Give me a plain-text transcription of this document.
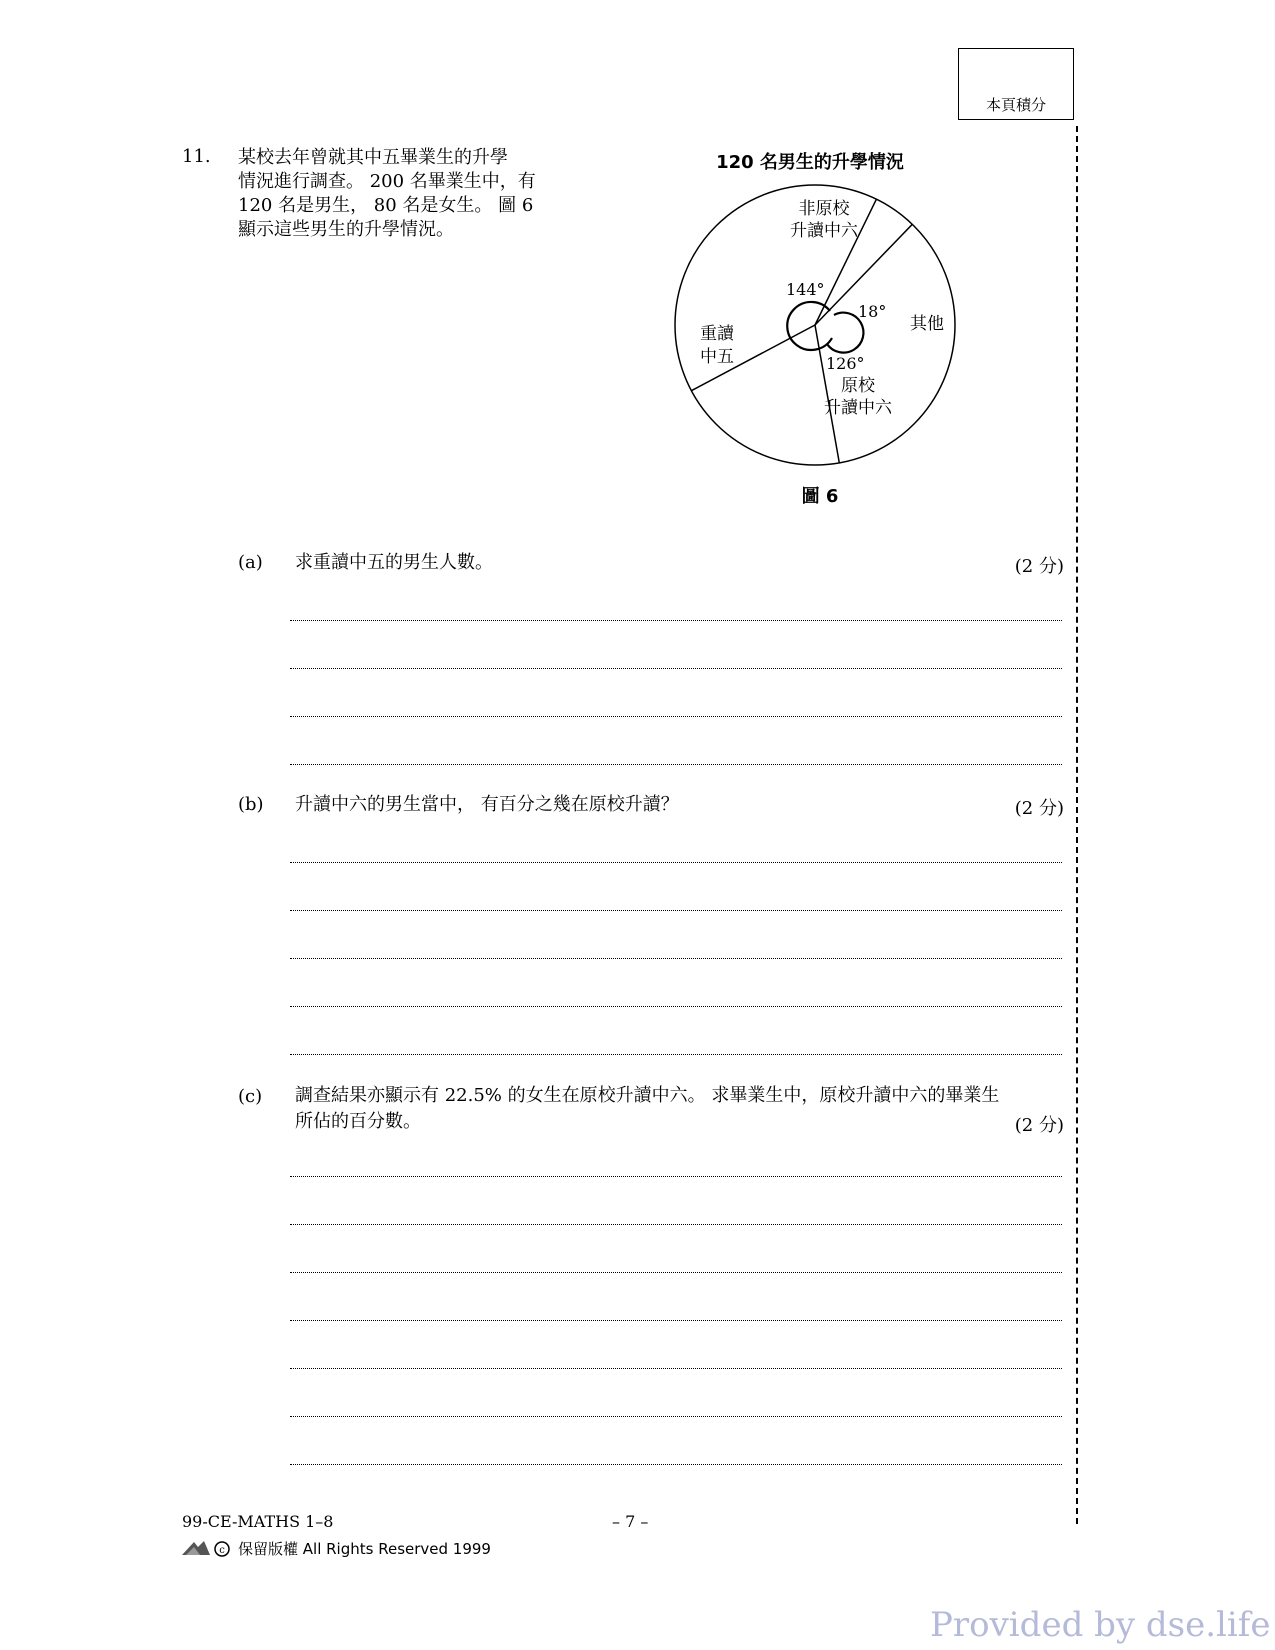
本頁積分
11. 某校去年曾就其中五畢業生的升學
情況進行調查。 200 名畢業生中，有
120 名是男生， 80 名是女生。 圖 6
顯示這些男生的升學情況。
120 名男生的升學情況
144°
18°
126°
非原校
升讀中六
其他
重讀
中五
原校
升讀中六
圖 6
(a) 求重讀中五的男生人數。	(2 分)
(b) 升讀中六的男生當中， 有百分之幾在原校升讀？	(2 分)
(c) 調查結果亦顯示有 22.5% 的女生在原校升讀中六。 求畢業生中，原校升讀中六的畢業生
所佔的百分數。	(2 分)
99-CE-MATHS 1–8	– 7 –
c 保留版權 All Rights Reserved 1999
Provided by dse.life
